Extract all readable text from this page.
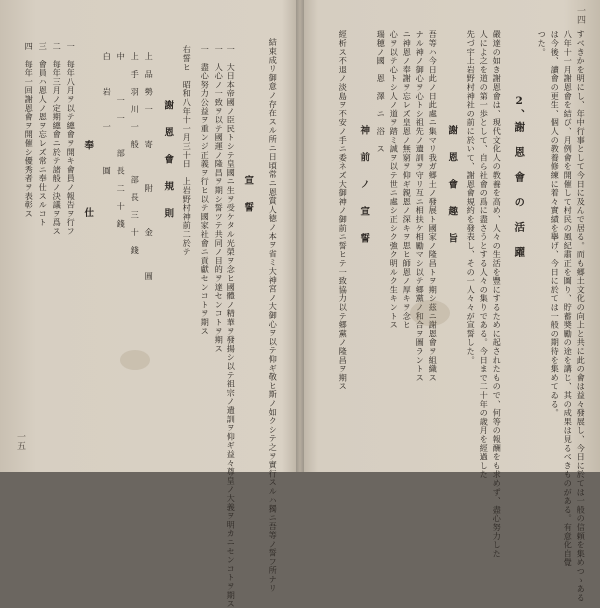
一五	結束成リ御意ノ存在スル所ニ日頃常ニ恩賞人徳ノ本ヲ省ミ大神宮ノ大御心ヲ以テ仰ギ敬ヒ斯ノ如クシテ之ヲ實行スルハ獨ニ吾等ノ誓フ所ナリ
宣　誓
一　大日本帝國ノ臣民トシテ皇國ニ生ヲ受ケタル光榮ヲ念ヒ國體ノ精華ヲ發揚シ以テ祖宗ノ遺訓ヲ仰ギ益々尊皇ノ大義ヲ明カニセンコトヲ期ス
一　人心ノ一致ヲ以テ國運ノ隆昌ヲ期シ誓ツテ共同ノ目的ヲ達センコトヲ期ス
一　盡心努力公益ヲ重ンジ正義ヲ行ヒ以テ國家社會ニ貢獻センコトヲ期ス
右誓ヒ　昭和八年十一月三十日　上岩野村神前二於テ
謝　恩　會　規　則
上　品　勢　一　　　寄　　　　附　　　　金　　　　圓
上　手　羽　川　一　般　　　部　長　三　十　錢
中　　　　一　一　　　部　長　二　十　錢
白　　　岩　　　一　　　　圓
奉　　　　仕
一　每年八月ヲ以テ總會ヲ開キ會員ノ報告ヲ行フ
二　每年三月ノ定期總會ニ於テ諸般ノ決議ヲ爲ス
三　會員ハ恩人ノ恩ヲ忘レズ常ニ奉仕スルコト
四　每年一回謝恩會ヲ開催シ優秀者ヲ表彰ス
一四
すべきかを明にし、年中行事として今日に及んで居る。而も郷土文化の向上と共に此の會は益々發展し、今日に於ては一般の信頼を集めつゝある
八年十一月謝恩會を結び、月例會を開催して村民の風紀肅正を圖り、貯蓄奬勵の途を講じ、其の成果は見るべきものがある。有意化自覺
は今後、讀會の更生、個人の教養修練に着々實績を擧げ、今日に於ては一般の期待を集めてゐる。
つた。
2、謝　恩　會　の　活　躍
嚴達の如き謝恩會は、現代文化人の教養を高め、人々の生活を豐にするために起されたもので、何等の報酬をも求めず、盡心努力した
人によ之を道の第一歩として、自ら社會の爲に盡さうとする人々の集りである。今日まで二十年の歳月を經過した
先づ宇上岩野村神社の前に於いて、謝恩會規約を發表し、その一人々々が宣誓した。
謝　恩　會　趣　旨
吾等ハ今日此ノ日此處ニ集マリ我ガ郷土ノ發展ト國家ノ隆昌トヲ期シ茲ニ謝恩會ヲ組織ス
ナル神ノ御心ヲ心トシ祖先ノ遺訓ヲ守リ互ニ相扶ケ相勵マシ以テ郷黨ノ和合ヲ圖ラントス
ニ神恩ノ奉謝ヲ忘レズ皇恩ノ無窮ヲ仰ギ親恩ノ深キヲ思ヒ師恩ノ厚キヲ念ヒ
心ヲ以テ心トシ人ノ道ヲ踏ミ誠ヲ以テ世ニ處シ正シク強ク明ルク生キントス
瑞穂ノ國　恩　澤　ニ　浴　ス
神　前　ノ　宣　誓
經析ス不退ノ淡島ヲ不安ノ手ニ委ネズ大御神ノ御前ニ誓ヒテ一致協力以テ郷黨ノ隆昌ヲ期ス
